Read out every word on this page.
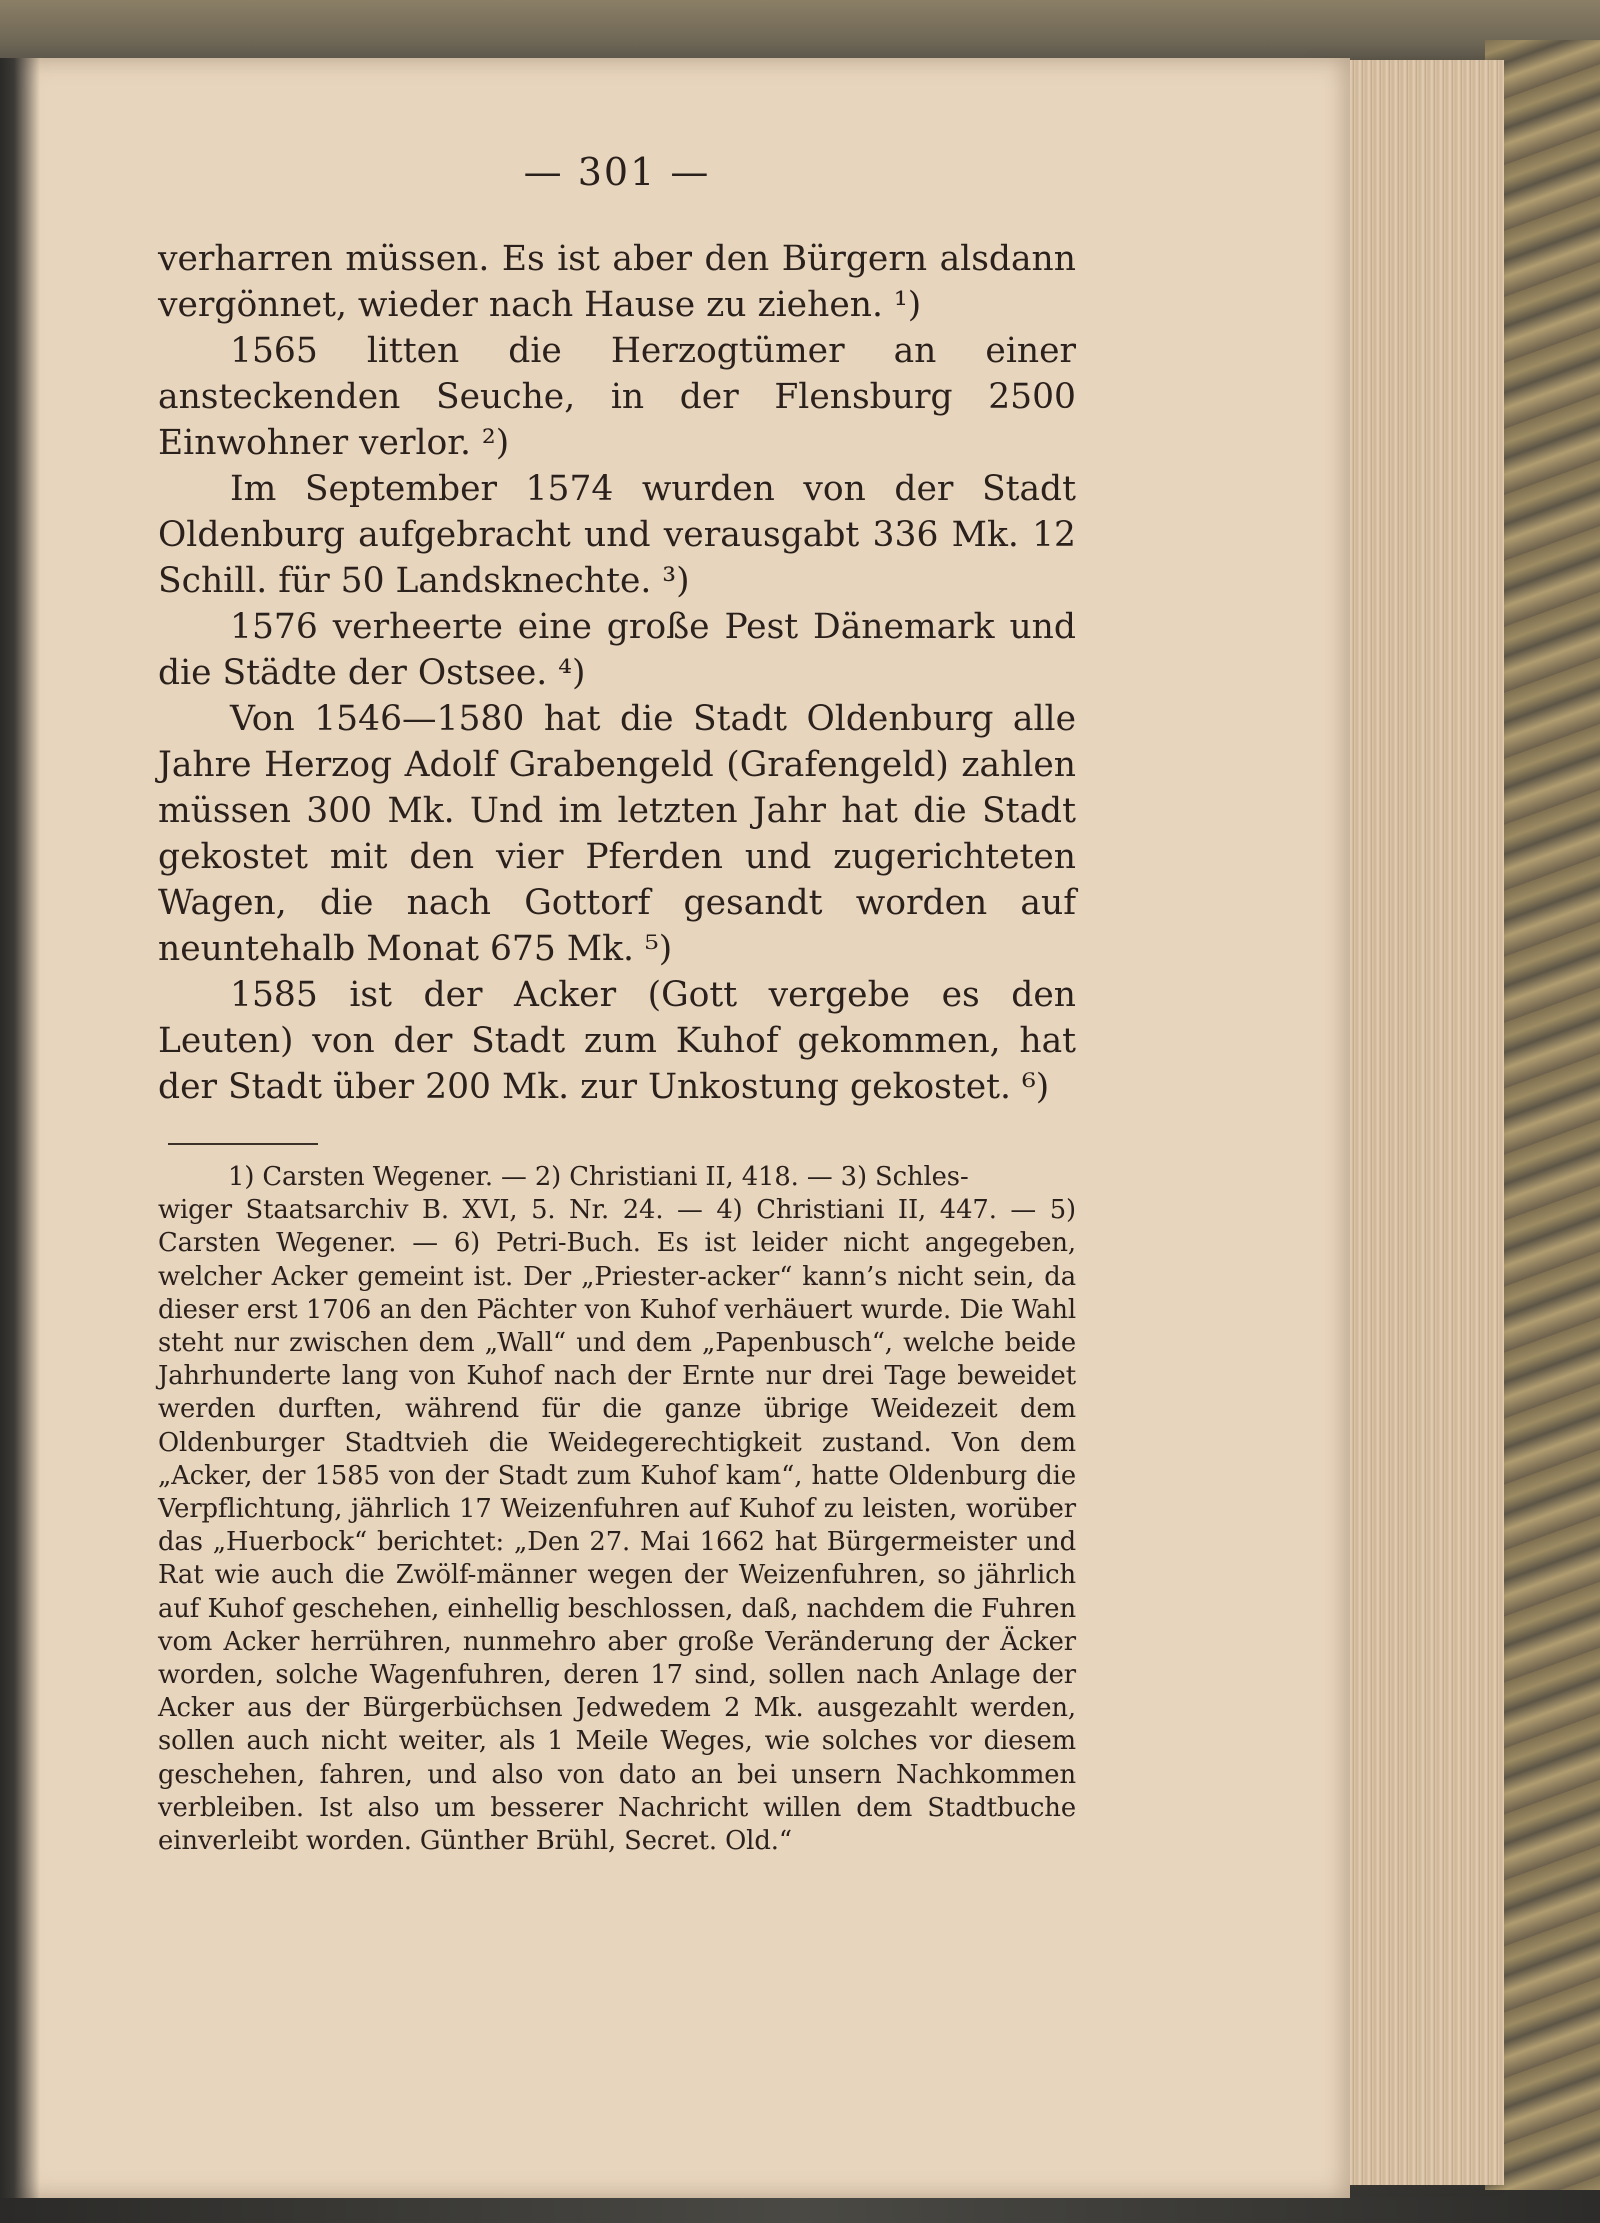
— 301 —

verharren müssen. Es ist aber den Bürgern alsdann vergönnet, wieder nach Hause zu ziehen. ¹)

1565 litten die Herzogtümer an einer ansteckenden Seuche, in der Flensburg 2500 Einwohner verlor. ²)

Im September 1574 wurden von der Stadt Oldenburg aufgebracht und verausgabt 336 Mk. 12 Schill. für 50 Landsknechte. ³)

1576 verheerte eine große Pest Dänemark und die Städte der Ostsee. ⁴)

Von 1546—1580 hat die Stadt Oldenburg alle Jahre Herzog Adolf Grabengeld (Grafengeld) zahlen müssen 300 Mk. Und im letzten Jahr hat die Stadt gekostet mit den vier Pferden und zugerichteten Wagen, die nach Gottorf gesandt worden auf neuntehalb Monat 675 Mk. ⁵)

1585 ist der Acker (Gott vergebe es den Leuten) von der Stadt zum Kuhof gekommen, hat der Stadt über 200 Mk. zur Unkostung gekostet. ⁶)

1) Carsten Wegener. — 2) Christiani II, 418. — 3) Schles-

wiger Staatsarchiv B. XVI, 5. Nr. 24. — 4) Christiani II, 447. — 5) Carsten Wegener. — 6) Petri-Buch. Es ist leider nicht angegeben, welcher Acker gemeint ist. Der „Priester-acker“ kann’s nicht sein, da dieser erst 1706 an den Pächter von Kuhof verhäuert wurde. Die Wahl steht nur zwischen dem „Wall“ und dem „Papenbusch“, welche beide Jahrhunderte lang von Kuhof nach der Ernte nur drei Tage beweidet werden durften, während für die ganze übrige Weidezeit dem Oldenburger Stadtvieh die Weidegerechtigkeit zustand. Von dem „Acker, der 1585 von der Stadt zum Kuhof kam“, hatte Oldenburg die Verpflichtung, jährlich 17 Weizenfuhren auf Kuhof zu leisten, worüber das „Huerbock“ berichtet: „Den 27. Mai 1662 hat Bürgermeister und Rat wie auch die Zwölf-männer wegen der Weizenfuhren, so jährlich auf Kuhof geschehen, einhellig beschlossen, daß, nachdem die Fuhren vom Acker herrühren, nunmehro aber große Veränderung der Äcker worden, solche Wagenfuhren, deren 17 sind, sollen nach Anlage der Acker aus der Bürgerbüchsen Jedwedem 2 Mk. ausgezahlt werden, sollen auch nicht weiter, als 1 Meile Weges, wie solches vor diesem geschehen, fahren, und also von dato an bei unsern Nachkommen verbleiben. Ist also um besserer Nachricht willen dem Stadtbuche einverleibt worden. Günther Brühl, Secret. Old.“
